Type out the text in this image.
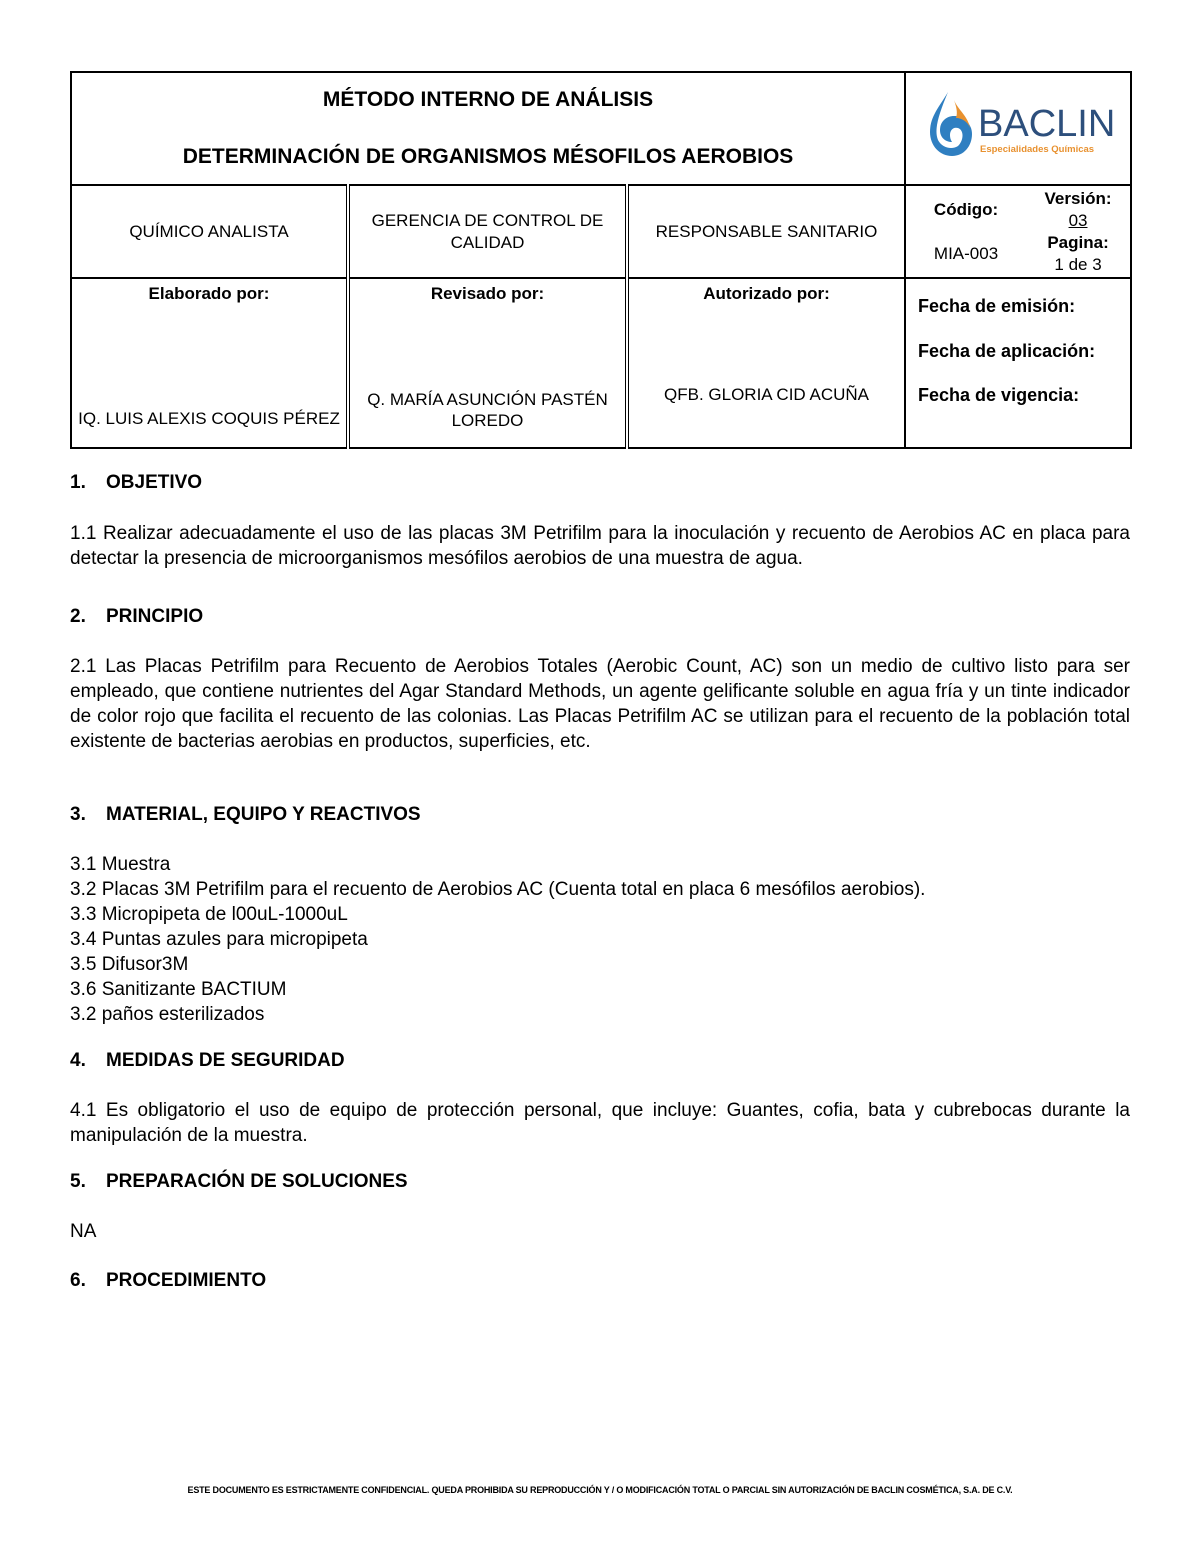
MÉTODO INTERNO DE ANÁLISIS
DETERMINACIÓN DE ORGANISMOS MÉSOFILOS AEROBIOS

BACLIN
Especialidades Químicas

QUÍMICO ANALISTA	GERENCIA DE CONTROL DE CALIDAD	RESPONSABLE SANITARIO	
Código:
MIA-003

Versión:
03
Pagina:
1 de 3

Elaborado por:
IQ. LUIS ALEXIS COQUIS PÉREZ

Revisado por:
Q. MARÍA ASUNCIÓN PASTÉN LOREDO

Autorizado por:
QFB. GLORIA CID ACUÑA

Fecha de emisión:
Fecha de aplicación:
Fecha de vigencia:

1. OBJETIVO

1.1 Realizar adecuadamente el uso de las placas 3M Petrifilm para la inoculación y recuento de Aerobios AC en placa para detectar la presencia de microorganismos mesófilos aerobios de una muestra de agua.

2. PRINCIPIO

2.1 Las Placas Petrifilm para Recuento de Aerobios Totales (Aerobic Count, AC) son un medio de cultivo listo para ser empleado, que contiene nutrientes del Agar Standard Methods, un agente gelificante soluble en agua fría y un tinte indicador de color rojo que facilita el recuento de las colonias. Las Placas Petrifilm AC se utilizan para el recuento de la población total existente de bacterias aerobias en productos, superficies, etc.

3. MATERIAL, EQUIPO Y REACTIVOS

3.1 Muestra

3.2 Placas 3M Petrifilm para el recuento de Aerobios AC (Cuenta total en placa 6 mesófilos aerobios).

3.3 Micropipeta de l00uL-1000uL

3.4 Puntas azules para micropipeta

3.5 Difusor3M

3.6 Sanitizante BACTIUM

3.2 paños esterilizados

4. MEDIDAS DE SEGURIDAD

4.1 Es obligatorio el uso de equipo de protección personal, que incluye: Guantes, cofia, bata y cubrebocas durante la manipulación de la muestra.

5. PREPARACIÓN DE SOLUCIONES

NA

6. PROCEDIMIENTO

ESTE DOCUMENTO ES ESTRICTAMENTE CONFIDENCIAL. QUEDA PROHIBIDA SU REPRODUCCIÓN Y / O MODIFICACIÓN TOTAL O PARCIAL SIN AUTORIZACIÓN DE BACLIN COSMÉTICA, S.A. DE C.V.
